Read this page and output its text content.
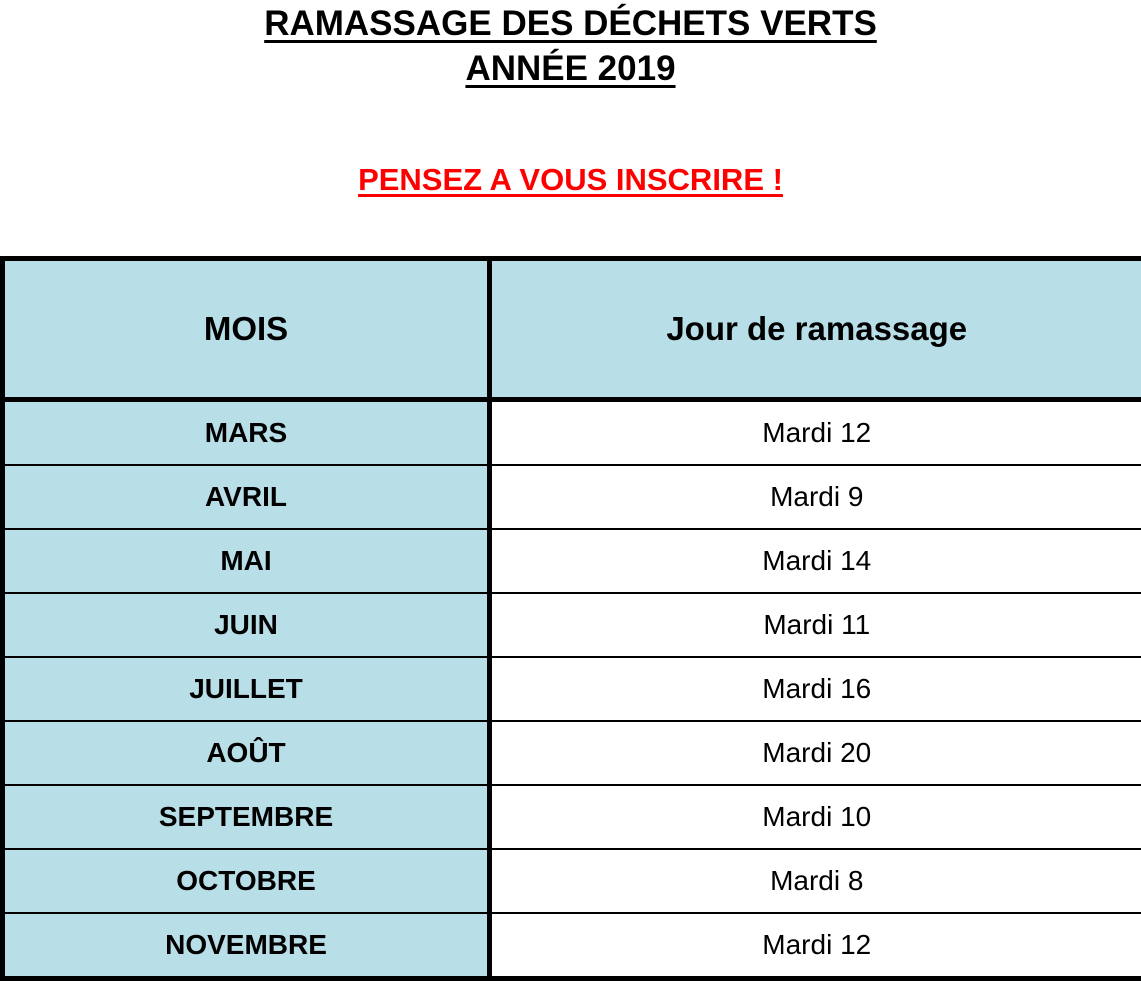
RAMASSAGE DES DÉCHETS VERTS
ANNÉE 2019
PENSEZ A VOUS INSCRIRE !
MOIS	Jour de ramassage
MARS	Mardi 12
AVRIL	Mardi 9
MAI	Mardi 14
JUIN	Mardi 11
JUILLET	Mardi 16
AOÛT	Mardi 20
SEPTEMBRE	Mardi 10
OCTOBRE	Mardi 8
NOVEMBRE	Mardi 12
